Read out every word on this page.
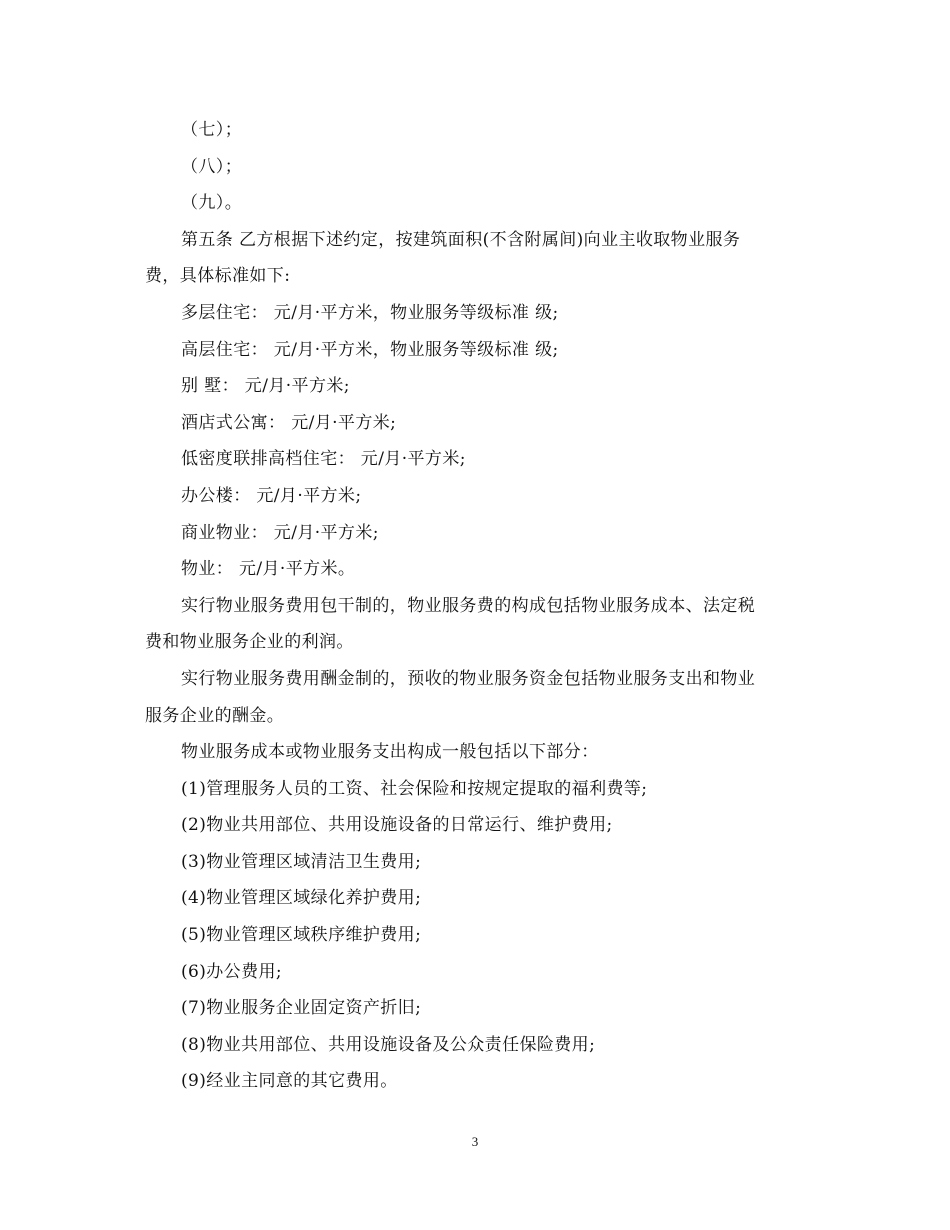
（七）；
（八）；
（九）。
第五条 乙方根据下述约定，按建筑面积(不含附属间)向业主收取物业服务
费，具体标准如下:
多层住宅： 元/月·平方米，物业服务等级标准 级;
高层住宅： 元/月·平方米，物业服务等级标准 级;
别 墅： 元/月·平方米;
酒店式公寓： 元/月·平方米;
低密度联排高档住宅： 元/月·平方米;
办公楼： 元/月·平方米;
商业物业： 元/月·平方米;
物业： 元/月·平方米。
实行物业服务费用包干制的，物业服务费的构成包括物业服务成本、法定税
费和物业服务企业的利润。
实行物业服务费用酬金制的，预收的物业服务资金包括物业服务支出和物业
服务企业的酬金。
物业服务成本或物业服务支出构成一般包括以下部分：
(1)管理服务人员的工资、社会保险和按规定提取的福利费等;
(2)物业共用部位、共用设施设备的日常运行、维护费用;
(3)物业管理区域清洁卫生费用;
(4)物业管理区域绿化养护费用;
(5)物业管理区域秩序维护费用;
(6)办公费用;
(7)物业服务企业固定资产折旧;
(8)物业共用部位、共用设施设备及公众责任保险费用;
(9)经业主同意的其它费用。
3
